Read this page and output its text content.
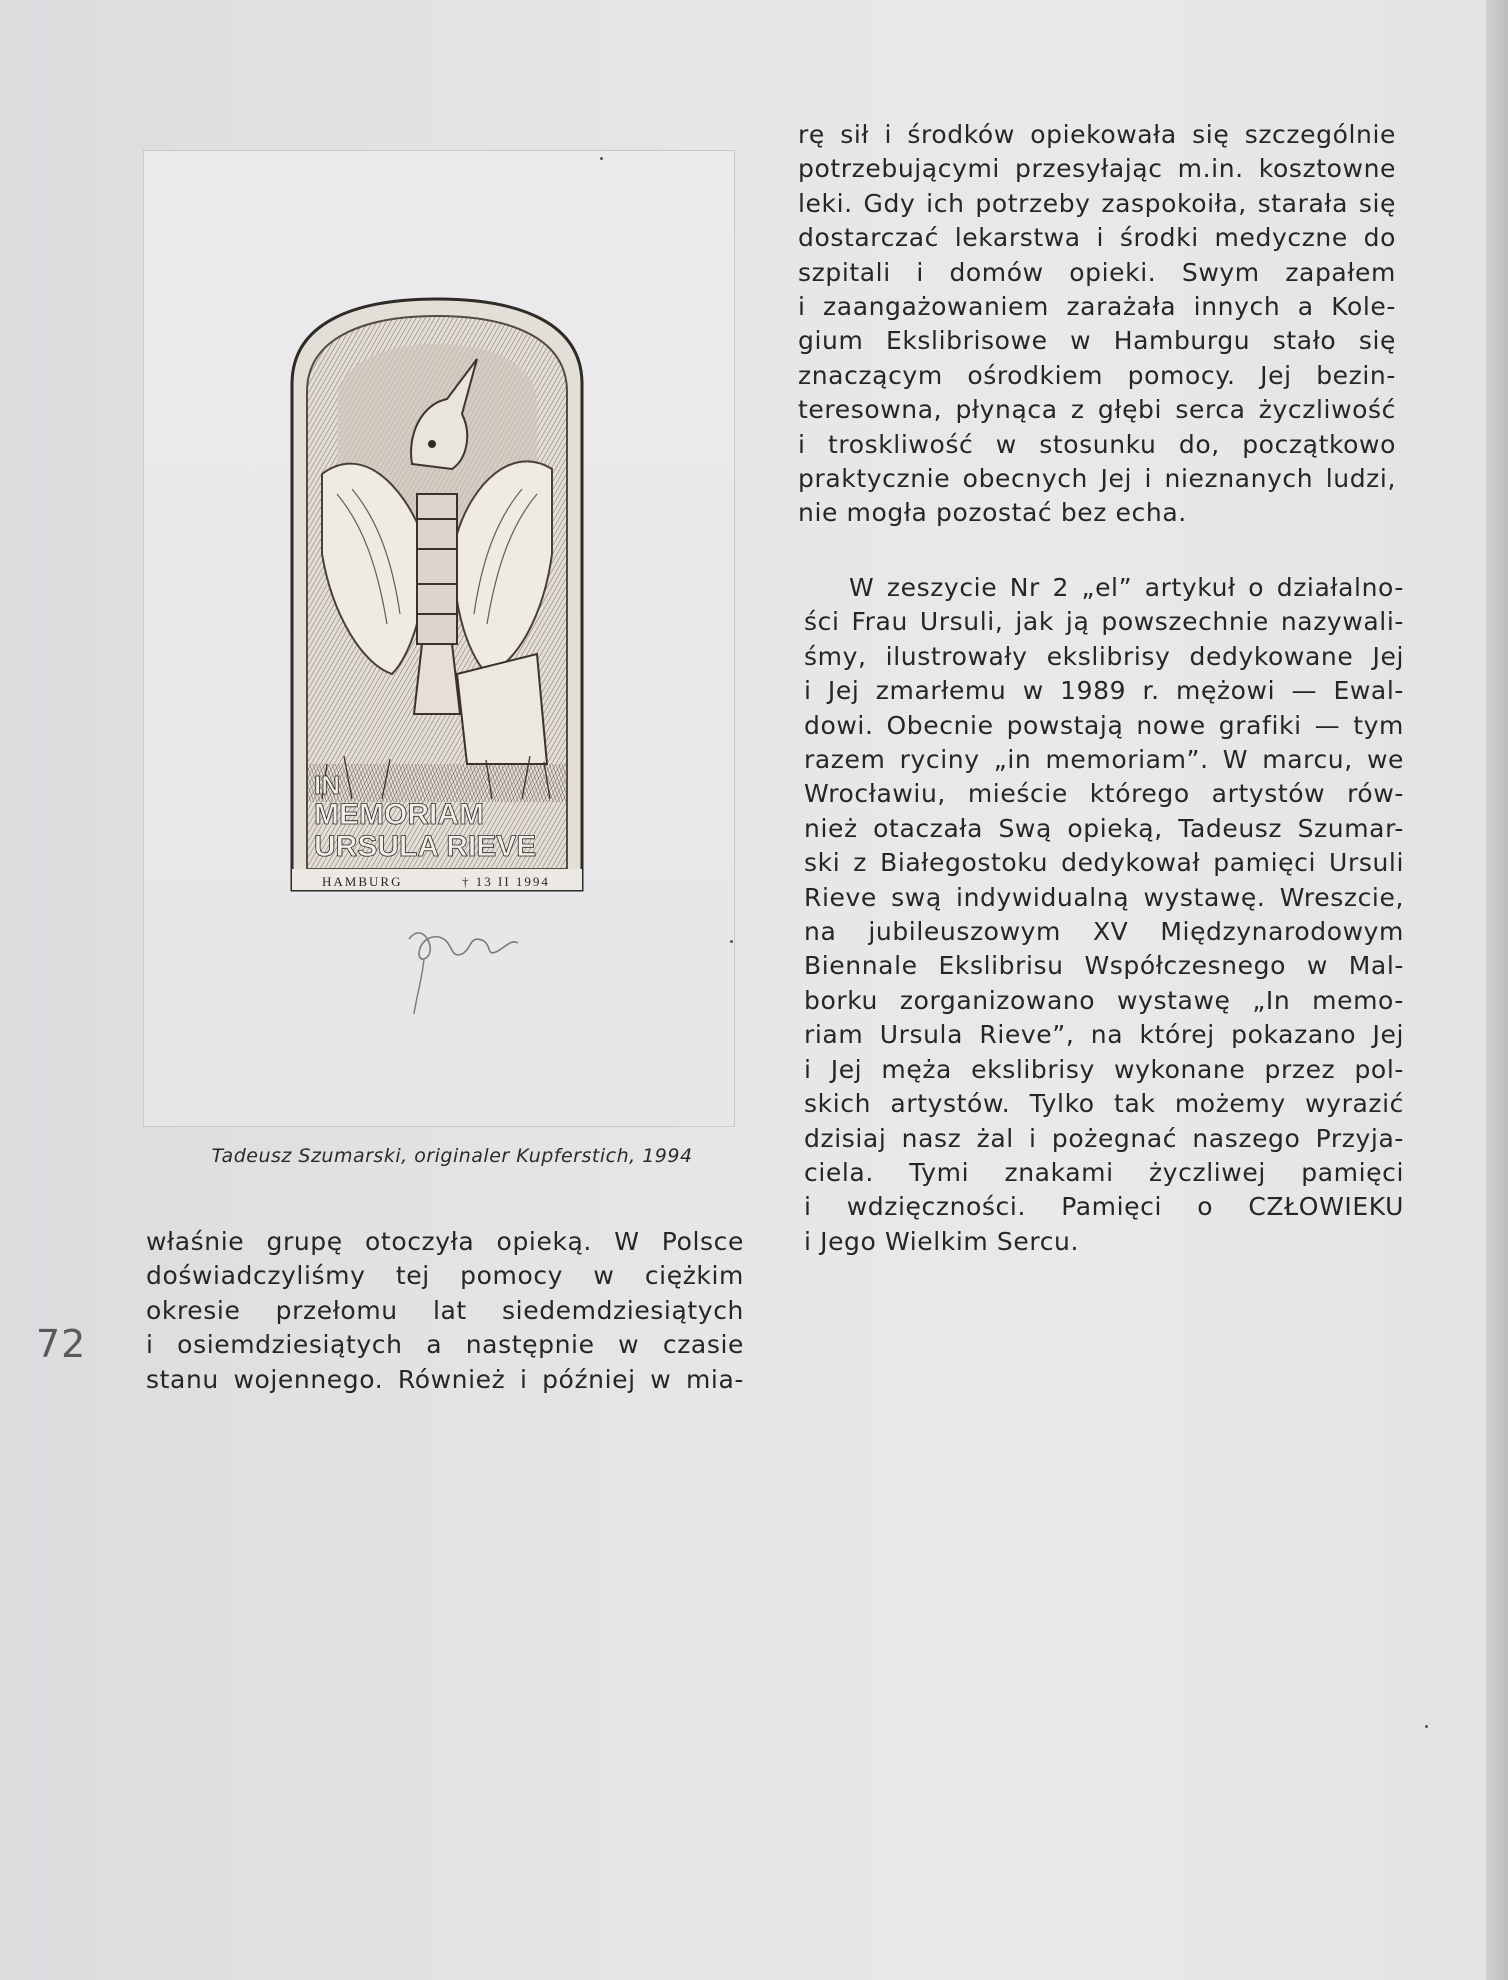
IN
MEMORIAM
URSULA RIEVE
HAMBURG	† 13 II 1994
Tadeusz Szumarski, originaler Kupferstich, 1994
rę sił i środków opiekowała się szczególnie
potrzebującymi przesyłając m.in. kosztowne
leki. Gdy ich potrzeby zaspokoiła, starała się
dostarczać lekarstwa i środki medyczne do
szpitali i domów opieki. Swym zapałem
i zaangażowaniem zarażała innych a Kole-
gium Ekslibrisowe w Hamburgu stało się
znaczącym ośrodkiem pomocy. Jej bezin-
teresowna, płynąca z głębi serca życzliwość
i troskliwość w stosunku do, początkowo
praktycznie obecnych Jej i nieznanych ludzi,
nie mogła pozostać bez echa.
W zeszycie Nr 2 „el” artykuł o działalno-
ści Frau Ursuli, jak ją powszechnie nazywali-
śmy, ilustrowały ekslibrisy dedykowane Jej
i Jej zmarłemu w 1989 r. mężowi — Ewal-
dowi. Obecnie powstają nowe grafiki — tym
razem ryciny „in memoriam”. W marcu, we
Wrocławiu, mieście którego artystów rów-
nież otaczała Swą opieką, Tadeusz Szumar-
ski z Białegostoku dedykował pamięci Ursuli
Rieve swą indywidualną wystawę. Wreszcie,
na jubileuszowym XV Międzynarodowym
Biennale Ekslibrisu Współczesnego w Mal-
borku zorganizowano wystawę „In memo-
riam Ursula Rieve”, na której pokazano Jej
i Jej męża ekslibrisy wykonane przez pol-
skich artystów. Tylko tak możemy wyrazić
dzisiaj nasz żal i pożegnać naszego Przyja-
ciela. Tymi znakami życzliwej pamięci
i wdzięczności. Pamięci o CZŁOWIEKU
i Jego Wielkim Sercu.
właśnie grupę otoczyła opieką. W Polsce
doświadczyliśmy tej pomocy w ciężkim
okresie przełomu lat siedemdziesiątych
i osiemdziesiątych a następnie w czasie
stanu wojennego. Również i później w mia-
72
